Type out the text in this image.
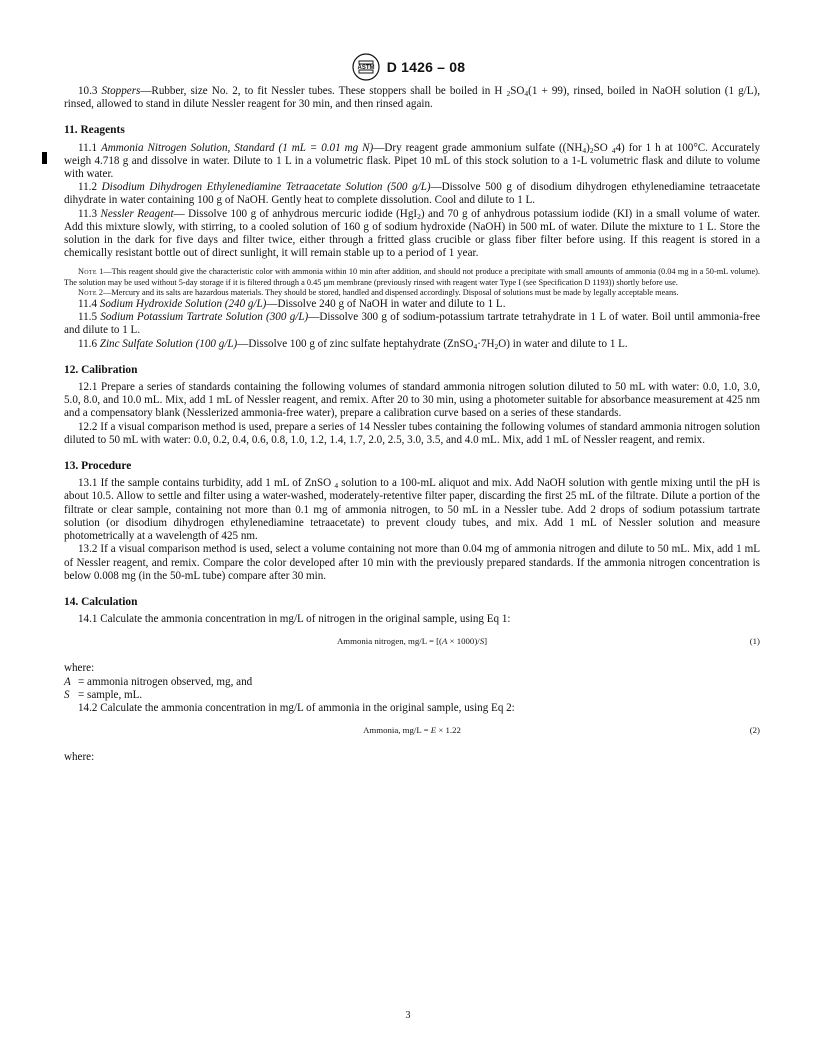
ASTM D 1426 – 08

10.3 Stoppers—Rubber, size No. 2, to fit Nessler tubes. These stoppers shall be boiled in H $_2SO_4(1 + 99)$, rinsed, boiled in NaOH solution (1 g/L), rinsed, allowed to stand in dilute Nessler reagent for 30 min, and then rinsed again.

11. Reagents

11.1 Ammonia Nitrogen Solution, Standard (1 mL = 0.01 mg N)—Dry reagent grade ammonium sulfate ($(NH_4)_2SO$ $_4$4) for 1 h at 100°C. Accurately weigh 4.718 g and dissolve in water. Dilute to 1 L in a volumetric flask. Pipet 10 mL of this stock solution to a 1-L volumetric flask and dilute to volume with water.

11.2 Disodium Dihydrogen Ethylenediamine Tetraacetate Solution (500 g/L)—Dissolve 500 g of disodium dihydrogen ethylenediamine tetraacetate dihydrate in water containing 100 g of NaOH. Gently heat to complete dissolution. Cool and dilute to 1 L.

11.3 Nessler Reagent— Dissolve 100 g of anhydrous mercuric iodide (HgI$_2$) and 70 g of anhydrous potassium iodide (KI) in a small volume of water. Add this mixture slowly, with stirring, to a cooled solution of 160 g of sodium hydroxide (NaOH) in 500 mL of water. Dilute the mixture to 1 L. Store the solution in the dark for five days and filter twice, either through a fritted glass crucible or glass fiber filter before using. If this reagent is stored in a chemically resistant bottle out of direct sunlight, it will remain stable up to a period of 1 year.

Note 1—This reagent should give the characteristic color with ammonia within 10 min after addition, and should not produce a precipitate with small amounts of ammonia (0.04 mg in a 50-mL volume). The solution may be used without 5-day storage if it is filtered through a 0.45 µm membrane (previously rinsed with reagent water Type I (see Specification D 1193)) shortly before use.

Note 2—Mercury and its salts are hazardous materials. They should be stored, handled and dispensed accordingly. Disposal of solutions must be made by legally acceptable means.

11.4 Sodium Hydroxide Solution (240 g/L)—Dissolve 240 g of NaOH in water and dilute to 1 L.

11.5 Sodium Potassium Tartrate Solution (300 g/L)—Dissolve 300 g of sodium-potassium tartrate tetrahydrate in 1 L of water. Boil until ammonia-free and dilute to 1 L.

11.6 Zinc Sulfate Solution (100 g/L)—Dissolve 100 g of zinc sulfate heptahydrate $(ZnSO_4\cdot 7H_2O)$ in water and dilute to 1 L.

12. Calibration

12.1 Prepare a series of standards containing the following volumes of standard ammonia nitrogen solution diluted to 50 mL with water: 0.0, 1.0, 3.0, 5.0, 8.0, and 10.0 mL. Mix, add 1 mL of Nessler reagent, and remix. After 20 to 30 min, using a photometer suitable for absorbance measurement at 425 nm and a compensatory blank (Nesslerized ammonia-free water), prepare a calibration curve based on a series of these standards.

12.2 If a visual comparison method is used, prepare a series of 14 Nessler tubes containing the following volumes of standard ammonia nitrogen solution diluted to 50 mL with water: 0.0, 0.2, 0.4, 0.6, 0.8, 1.0, 1.2, 1.4, 1.7, 2.0, 2.5, 3.0, 3.5, and 4.0 mL. Mix, add 1 mL of Nessler reagent, and remix.

13. Procedure

13.1 If the sample contains turbidity, add 1 mL of ZnSO $_4$ solution to a 100-mL aliquot and mix. Add NaOH solution with gentle mixing until the pH is about 10.5. Allow to settle and filter using a water-washed, moderately-retentive filter paper, discarding the first 25 mL of the filtrate. Dilute a portion of the filtrate or clear sample, containing not more than 0.1 mg of ammonia nitrogen, to 50 mL in a Nessler tube. Add 2 drops of sodium potassium tartrate solution (or disodium dihydrogen ethylenediamine tetraacetate) to prevent cloudy tubes, and mix. Add 1 mL of Nessler solution and measure photometrically at a wavelength of 425 nm.

13.2 If a visual comparison method is used, select a volume containing not more than 0.04 mg of ammonia nitrogen and dilute to 50 mL. Mix, add 1 mL of Nessler reagent, and remix. Compare the color developed after 10 min with the previously prepared standards. If the ammonia nitrogen concentration is below 0.008 mg (in the 50-mL tube) compare after 30 min.

14. Calculation

14.1 Calculate the ammonia concentration in mg/L of nitrogen in the original sample, using Eq 1:

Ammonia nitrogen, mg/L = [(A × 1000)/S]	(1)

where:

A = ammonia nitrogen observed, mg, and

S = sample, mL.

14.2 Calculate the ammonia concentration in mg/L of ammonia in the original sample, using Eq 2:

Ammonia, mg/L = E × 1.22	(2)

where:

3
